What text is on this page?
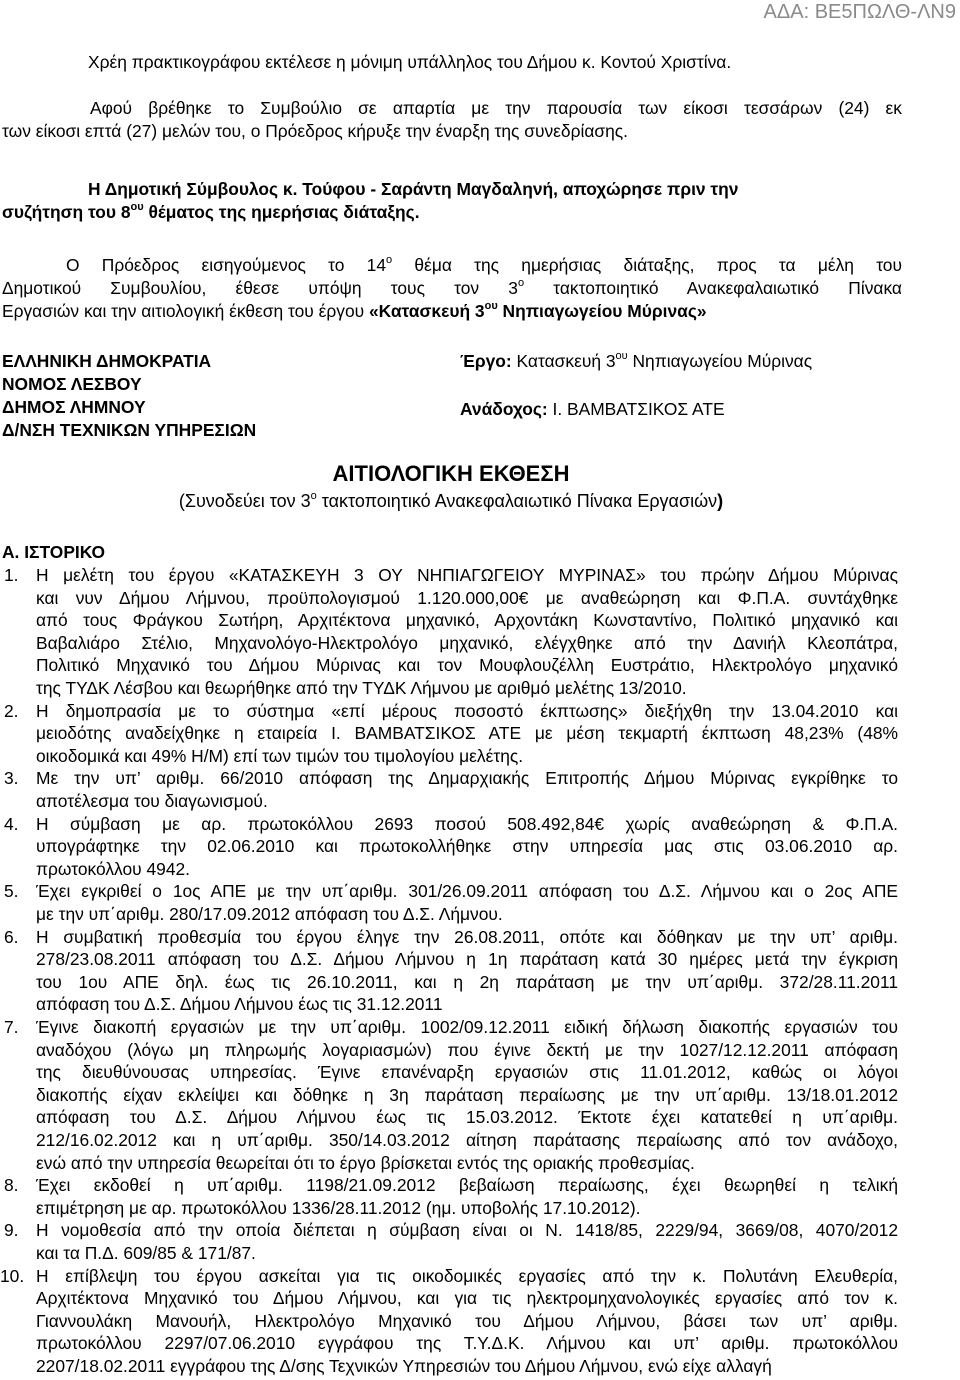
ΑΔΑ: ΒΕ5ΠΩΛΘ-ΛΝ9
Χρέη πρακτικογράφου εκτέλεσε η μόνιμη υπάλληλος του Δήμου κ. Κοντού Χριστίνα.
Αφού βρέθηκε το Συμβούλιο σε απαρτία με την παρουσία των είκοσι τεσσάρων (24) εκ
των είκοσι επτά (27) μελών του, ο Πρόεδρος κήρυξε την έναρξη της συνεδρίασης.
Η Δημοτική Σύμβουλος κ. Τούφου - Σαράντη Μαγδαληνή, αποχώρησε πριν την
συζήτηση του $8^{o\upsilon}$ θέματος της ημερήσιας διάταξης.
Ο Πρόεδρος εισηγούμενος το $14^o$ θέμα της ημερήσιας διάταξης, προς τα μέλη του
Δημοτικού Συμβουλίου, έθεσε υπόψη τους τον $3^o$ τακτοποιητικό Ανακεφαλαιωτικό Πίνακα
Εργασιών και την αιτιολογική έκθεση του έργου «Κατασκευή $3^{o\upsilon}$ Νηπιαγωγείου Μύρινας»
ΕΛΛΗΝΙΚΗ ΔΗΜΟΚΡΑΤΙΑ
ΝΟΜΟΣ ΛΕΣΒΟΥ
ΔΗΜΟΣ ΛΗΜΝΟΥ
Δ/ΝΣΗ ΤΕΧΝΙΚΩΝ ΥΠΗΡΕΣΙΩΝ
Έργο: Κατασκευή $3^{o\upsilon}$ Νηπιαγωγείου Μύρινας
Ανάδοχος: Ι. ΒΑΜΒΑΤΣΙΚΟΣ ΑΤΕ
ΑΙΤΙΟΛΟΓΙΚΗ ΕΚΘΕΣΗ
(Συνοδεύει τον $3^o$ τακτοποιητικό Ανακεφαλαιωτικό Πίνακα Εργασιών)
Α. ΙΣΤΟΡΙΚΟ
1. Η μελέτη του έργου «ΚΑΤΑΣΚΕΥΗ 3 ΟΥ ΝΗΠΙΑΓΩΓΕΙΟΥ ΜΥΡΙΝΑΣ» του πρώην Δήμου Μύρινας
και νυν Δήμου Λήμνου, προϋπολογισμού 1.120.000,00€ με αναθεώρηση και Φ.Π.Α. συντάχθηκε
από τους Φράγκου Σωτήρη, Αρχιτέκτονα μηχανικό, Αρχοντάκη Κωνσταντίνο, Πολιτικό μηχανικό και
Βαβαλιάρο Στέλιο, Μηχανολόγο-Ηλεκτρολόγο μηχανικό, ελέγχθηκε από την Δανιήλ Κλεοπάτρα,
Πολιτικό Μηχανικό του Δήμου Μύρινας και τον Μουφλουζέλλη Ευστράτιο, Ηλεκτρολόγο μηχανικό
της ΤΥΔΚ Λέσβου και θεωρήθηκε από την ΤΥΔΚ Λήμνου με αριθμό μελέτης 13/2010.
2. Η δημοπρασία με το σύστημα «επί μέρους ποσοστό έκπτωσης» διεξήχθη την 13.04.2010 και
μειοδότης αναδείχθηκε η εταιρεία Ι. ΒΑΜΒΑΤΣΙΚΟΣ ΑΤΕ με μέση τεκμαρτή έκπτωση 48,23% (48%
οικοδομικά και 49% Η/Μ) επί των τιμών του τιμολογίου μελέτης.
3. Με την υπ’ αριθμ. 66/2010 απόφαση της Δημαρχιακής Επιτροπής Δήμου Μύρινας εγκρίθηκε το
αποτέλεσμα του διαγωνισμού.
4. Η σύμβαση με αρ. πρωτοκόλλου 2693 ποσού 508.492,84€ χωρίς αναθεώρηση & Φ.Π.Α.
υπογράφτηκε την 02.06.2010 και πρωτοκολλήθηκε στην υπηρεσία μας στις 03.06.2010 αρ.
πρωτοκόλλου 4942.
5. Έχει εγκριθεί ο 1ος ΑΠΕ με την υπ΄αριθμ. 301/26.09.2011 απόφαση του Δ.Σ. Λήμνου και ο 2ος ΑΠΕ
με την υπ΄αριθμ. 280/17.09.2012 απόφαση του Δ.Σ. Λήμνου.
6. Η συμβατική προθεσμία του έργου έληγε την 26.08.2011, οπότε και δόθηκαν με την υπ’ αριθμ.
278/23.08.2011 απόφαση του Δ.Σ. Δήμου Λήμνου η 1η παράταση κατά 30 ημέρες μετά την έγκριση
του 1ου ΑΠΕ δηλ. έως τις 26.10.2011, και η 2η παράταση με την υπ΄αριθμ. 372/28.11.2011
απόφαση του Δ.Σ. Δήμου Λήμνου έως τις 31.12.2011
7. Έγινε διακοπή εργασιών με την υπ΄αριθμ. 1002/09.12.2011 ειδική δήλωση διακοπής εργασιών του
αναδόχου (λόγω μη πληρωμής λογαριασμών) που έγινε δεκτή με την 1027/12.12.2011 απόφαση
της διευθύνουσας υπηρεσίας. Έγινε επανέναρξη εργασιών στις 11.01.2012, καθώς οι λόγοι
διακοπής είχαν εκλείψει και δόθηκε η 3η παράταση περαίωσης με την υπ΄αριθμ. 13/18.01.2012
απόφαση του Δ.Σ. Δήμου Λήμνου έως τις 15.03.2012. Έκτοτε έχει κατατεθεί η υπ΄αριθμ.
212/16.02.2012 και η υπ΄αριθμ. 350/14.03.2012 αίτηση παράτασης περαίωσης από τον ανάδοχο,
ενώ από την υπηρεσία θεωρείται ότι το έργο βρίσκεται εντός της οριακής προθεσμίας.
8. Έχει εκδοθεί η υπ΄αριθμ. 1198/21.09.2012 βεβαίωση περαίωσης, έχει θεωρηθεί η τελική
επιμέτρηση με αρ. πρωτοκόλλου 1336/28.11.2012 (ημ. υποβολής 17.10.2012).
9. Η νομοθεσία από την οποία διέπεται η σύμβαση είναι οι Ν. 1418/85, 2229/94, 3669/08, 4070/2012
και τα Π.Δ. 609/85 & 171/87.
10. Η επίβλεψη του έργου ασκείται για τις οικοδομικές εργασίες από την κ. Πολυτάνη Ελευθερία,
Αρχιτέκτονα Μηχανικό του Δήμου Λήμνου, και για τις ηλεκτρομηχανολογικές εργασίες από τον κ.
Γιαννουλάκη Μανουήλ, Ηλεκτρολόγο Μηχανικό του Δήμου Λήμνου, βάσει των υπ’ αριθμ.
πρωτοκόλλου 2297/07.06.2010 εγγράφου της Τ.Υ.Δ.Κ. Λήμνου και υπ’ αριθμ. πρωτοκόλλου
2207/18.02.2011 εγγράφου της Δ/σης Τεχνικών Υπηρεσιών του Δήμου Λήμνου, ενώ είχε αλλαγή
